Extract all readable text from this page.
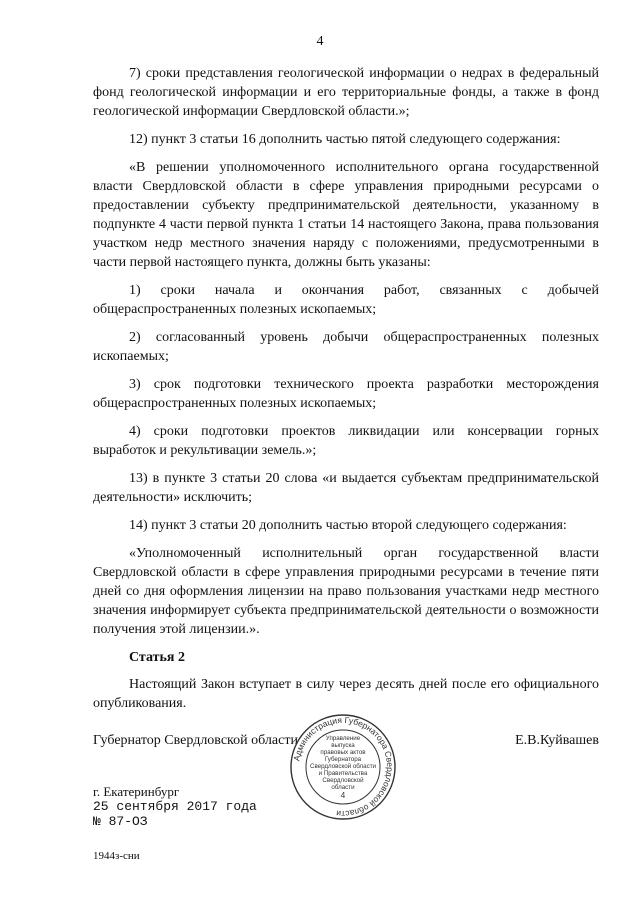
4

7) сроки представления геологической информации о недрах в федеральный фонд геологической информации и его территориальные фонды, а также в фонд геологической информации Свердловской области.»;

12) пункт 3 статьи 16 дополнить частью пятой следующего содержания:

«В решении уполномоченного исполнительного органа государственной власти Свердловской области в сфере управления природными ресурсами о предоставлении субъекту предпринимательской деятельности, указанному в подпункте 4 части первой пункта 1 статьи 14 настоящего Закона, права пользования участком недр местного значения наряду с положениями, предусмотренными в части первой настоящего пункта, должны быть указаны:

1) сроки начала и окончания работ, связанных с добычей общераспространенных полезных ископаемых;

2) согласованный уровень добычи общераспространенных полезных ископаемых;

3) срок подготовки технического проекта разработки месторождения общераспространенных полезных ископаемых;

4) сроки подготовки проектов ликвидации или консервации горных выработок и рекультивации земель.»;

13) в пункте 3 статьи 20 слова «и выдается субъектам предпринимательской деятельности» исключить;

14) пункт 3 статьи 20 дополнить частью второй следующего содержания:

«Уполномоченный исполнительный орган государственной власти Свердловской области в сфере управления природными ресурсами в течение пяти дней со дня оформления лицензии на право пользования участками недр местного значения информирует субъекта предпринимательской деятельности о возможности получения этой лицензии.».

Статья 2

Настоящий Закон вступает в силу через десять дней после его официального опубликования.

Губернатор Свердловской области	Е.В.Куйвашев
Администрация Губернатора Свердловской области
Управление
выпуска
правовых актов
Губернатора
Свердловской области
и Правительства
Свердловской
области
4
г. Екатеринбург
25 сентября 2017 года
№ 87-ОЗ
1944з-сни
